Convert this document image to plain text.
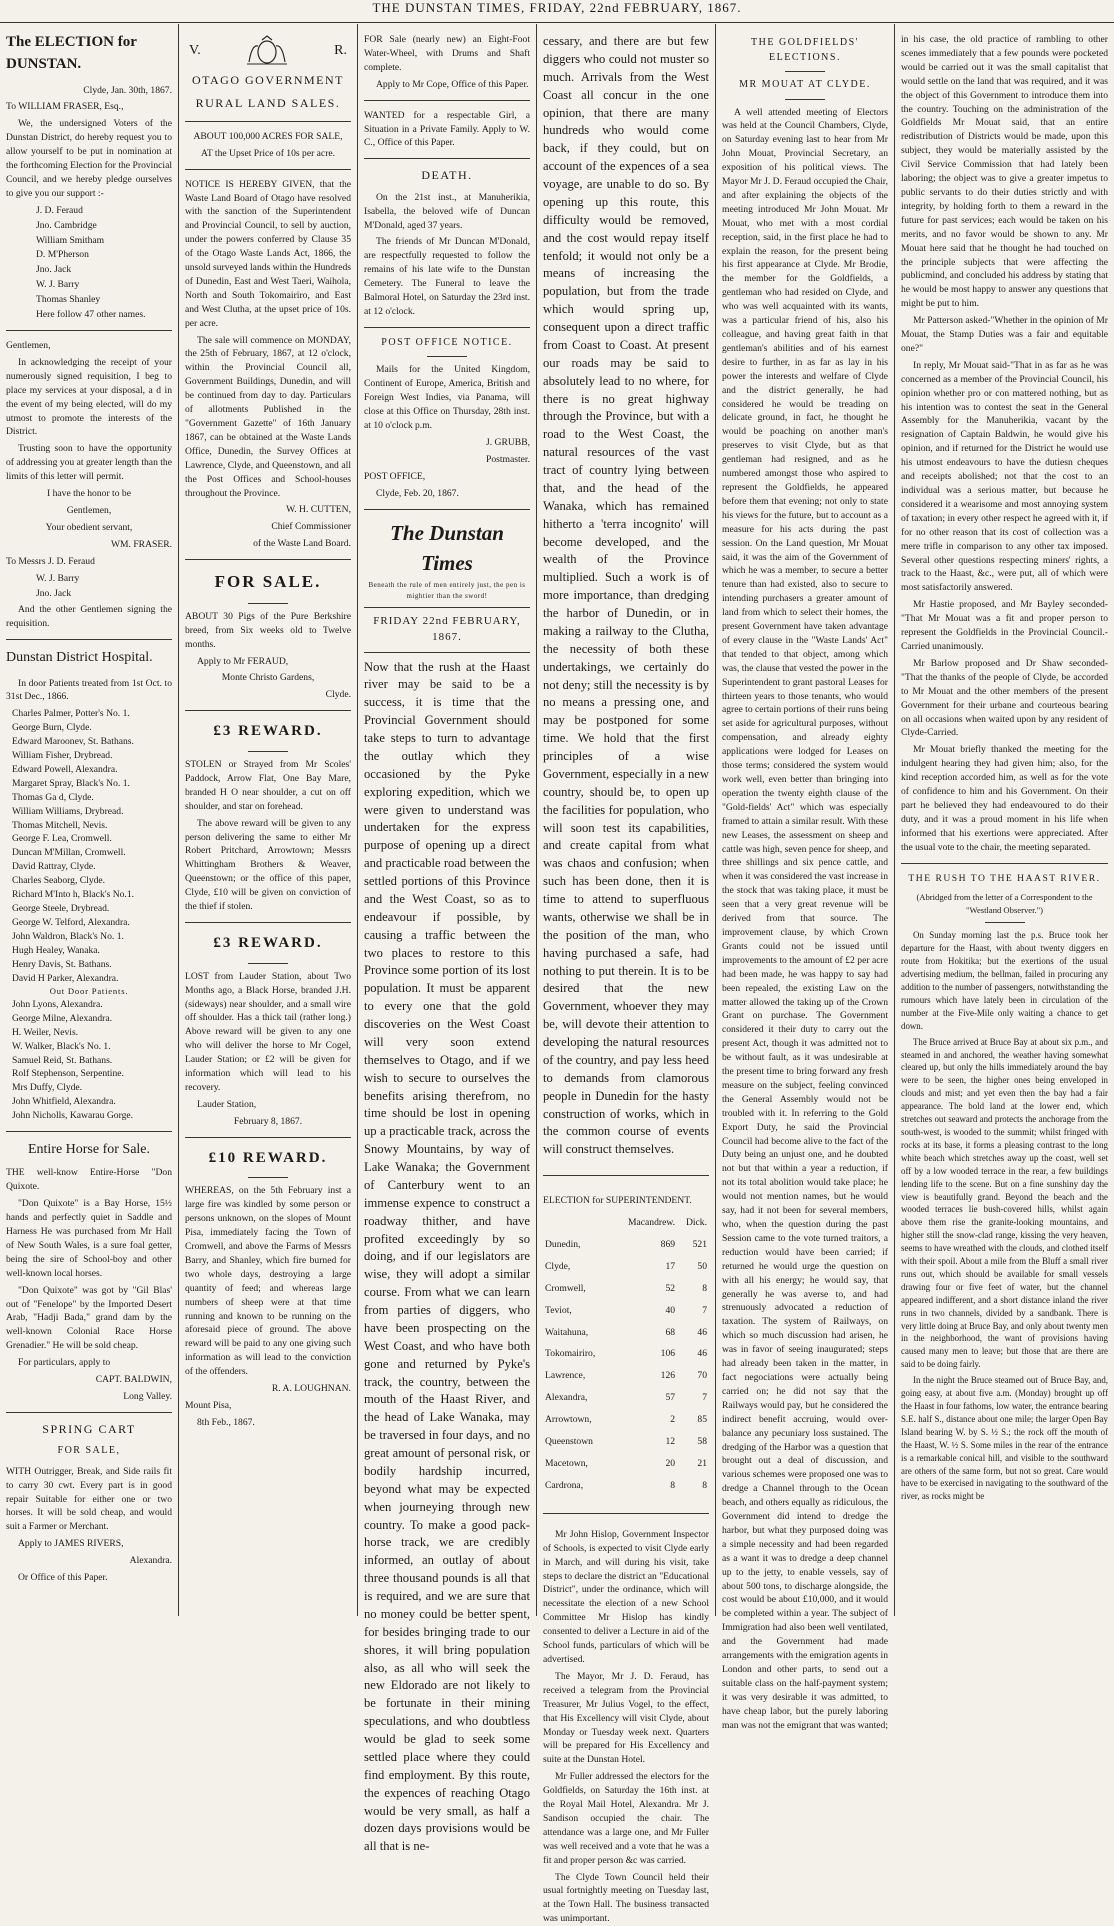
THE DUNSTAN TIMES, FRIDAY, 22nd FEBRUARY, 1867.
The ELECTION for DUNSTAN.
Clyde, Jan. 30th, 1867.
To WILLIAM FRASER, Esq.,
We, the undersigned Voters of the Dunstan District, do hereby request you to allow yourself to be put in nomination at the forthcoming Election for the Provincial Council, and we hereby pledge ourselves to give you our support :-
J. D. Feraud
Jno. Cambridge
William Smitham
D. M'Pherson
Jno. Jack
W. J. Barry
Thomas Shanley
Here follow 47 other names.
Gentlemen,
In acknowledging the receipt of your numerously signed requisition, I beg to place my services at your disposal, a d in the event of my being elected, will do my utmost to promote the interests of the District.
Trusting soon to have the opportunity of addressing you at greater length than the limits of this letter will permit.
I have the honor to be
Gentlemen,
Your obedient servant,
WM. FRASER.
To Messrs J. D. Feraud
W. J. Barry
Jno. Jack
And the other Gentlemen signing the requisition.
Dunstan District Hospital.
In door Patients treated from 1st Oct. to 31st Dec., 1866.
Charles Palmer, Potter's No. 1.
George Burn, Clyde.
Edward Maroonev, St. Bathans.
William Fisher, Drybread.
Edward Powell, Alexandra.
Margaret Spray, Black's No. 1.
Thomas Ga d, Clyde.
William Williams, Drybread.
Thomas Mitchell, Nevis.
George F. Lea, Cromwell.
Duncan M'Millan, Cromwell.
David Rattray, Clyde.
Charles Seaborg, Clyde.
Richard M'Into h, Black's No.1.
George Steele, Drybread.
George W. Telford, Alexandra.
John Waldron, Black's No. 1.
Hugh Healey, Wanaka.
Henry Davis, St. Bathans.
David H Parker, Alexandra.
Out Door Patients.
John Lyons, Alexandra.
George Milne, Alexandra.
H. Weiler, Nevis.
W. Walker, Black's No. 1.
Samuel Reid, St. Bathans.
Rolf Stephenson, Serpentine.
Mrs Duffy, Clyde.
John Whitfield, Alexandra.
John Nicholls, Kawarau Gorge.
Entire Horse for Sale.
THE well-know Entire-Horse "Don Quixote.
"Don Quixote" is a Bay Horse, 15½ hands and perfectly quiet in Saddle and Harness He was purchased from Mr Hall of New South Wales, is a sure foal getter, being the sire of School-boy and other well-known local horses.
"Don Quixote" was got by "Gil Blas' out of "Fenelope" by the Imported Desert Arab, "Hadji Bada," grand dam by the well-known Colonial Race Horse Grenadier." He will be sold cheap.
For particulars, apply to
CAPT. BALDWIN,
Long Valley.
SPRING CART
FOR SALE,
WITH Outrigger, Break, and Side rails fit to carry 30 cwt. Every part is in good repair Suitable for either one or two horses. It will be sold cheap, and would suit a Farmer or Merchant.
Apply to JAMES RIVERS,
Alexandra.
Or Office of this Paper.
V.	R.
OTAGO GOVERNMENT
RURAL LAND SALES.
ABOUT 100,000 ACRES FOR SALE,
AT the Upset Price of 10s per acre.
NOTICE IS HEREBY GIVEN, that the Waste Land Board of Otago have resolved with the sanction of the Superintendent and Provincial Council, to sell by auction, under the powers conferred by Clause 35 of the Otago Waste Lands Act, 1866, the unsold surveyed lands within the Hundreds of Dunedin, East and West Taeri, Waihola, North and South Tokomairiro, and East and West Clutha, at the upset price of 10s. per acre.
The sale will commence on MONDAY, the 25th of February, 1867, at 12 o'clock, within the Provincial Council all, Government Buildings, Dunedin, and will be continued from day to day. Particulars of allotments Published in the "Government Gazette" of 16th January 1867, can be obtained at the Waste Lands Office, Dunedin, the Survey Offices at Lawrence, Clyde, and Queenstown, and all the Post Offices and School-houses throughout the Province.
W. H. CUTTEN,
Chief Commissioner
of the Waste Land Board.
FOR SALE.
ABOUT 30 Pigs of the Pure Berkshire breed, from Six weeks old to Twelve months.
Apply to Mr FERAUD,
Monte Christo Gardens,
Clyde.
£3 REWARD.
STOLEN or Strayed from Mr Scoles' Paddock, Arrow Flat, One Bay Mare, branded H O near shoulder, a cut on off shoulder, and star on forehead.
The above reward will be given to any person delivering the same to either Mr Robert Pritchard, Arrowtown; Messrs Whittingham Brothers & Weaver, Queenstown; or the office of this paper, Clyde, £10 will be given on conviction of the thief if stolen.
£3 REWARD.
LOST from Lauder Station, about Two Months ago, a Black Horse, branded J.H. (sideways) near shoulder, and a small wire off shoulder. Has a thick tail (rather long.) Above reward will be given to any one who will deliver the horse to Mr Cogel, Lauder Station; or £2 will be given for information which will lead to his recovery.
Lauder Station,
February 8, 1867.
£10 REWARD.
WHEREAS, on the 5th February inst a large fire was kindled by some person or persons unknown, on the slopes of Mount Pisa, immediately facing the Town of Cromwell, and above the Farms of Messrs Barry, and Shanley, which fire burned for two whole days, destroying a large quantity of feed; and whereas large numbers of sheep were at that time running and known to be running on the aforesaid piece of ground. The above reward will be paid to any one giving such information as will lead to the conviction of the offenders.
R. A. LOUGHNAN.
Mount Pisa,
8th Feb., 1867.
FOR Sale (nearly new) an Eight-Foot Water-Wheel, with Drums and Shaft complete.
Apply to Mr Cope, Office of this Paper.
WANTED for a respectable Girl, a Situation in a Private Family. Apply to W. C., Office of this Paper.
DEATH.
On the 21st inst., at Manuherikia, Isabella, the beloved wife of Duncan M'Donald, aged 37 years.
The friends of Mr Duncan M'Donald, are respectfully requested to follow the remains of his late wife to the Dunstan Cemetery. The Funeral to leave the Balmoral Hotel, on Saturday the 23rd inst. at 12 o'clock.
POST OFFICE NOTICE.
Mails for the United Kingdom, Continent of Europe, America, British and Foreign West Indies, via Panama, will close at this Office on Thursday, 28th inst. at 10 o'clock p.m.
J. GRUBB,
Postmaster.
POST OFFICE,
Clyde, Feb. 20, 1867.
The Dunstan Times
Beneath the rule of men entirely just, the pen is mightier than the sword!
FRIDAY 22nd FEBRUARY, 1867.
Now that the rush at the Haast river may be said to be a success, it is time that the Provincial Government should take steps to turn to advantage the outlay which they occasioned by the Pyke exploring expedition, which we were given to understand was undertaken for the express purpose of opening up a direct and practicable road between the settled portions of this Province and the West Coast, so as to endeavour if possible, by causing a traffic between the two places to restore to this Province some portion of its lost population. It must be apparent to every one that the gold discoveries on the West Coast will very soon extend themselves to Otago, and if we wish to secure to ourselves the benefits arising therefrom, no time should be lost in opening up a practicable track, across the Snowy Mountains, by way of Lake Wanaka; the Government of Canterbury went to an immense expence to construct a roadway thither, and have profited exceedingly by so doing, and if our legislators are wise, they will adopt a similar course. From what we can learn from parties of diggers, who have been prospecting on the West Coast, and who have both gone and returned by Pyke's track, the country, between the mouth of the Haast River, and the head of Lake Wanaka, may be traversed in four days, and no great amount of personal risk, or bodily hardship incurred, beyond what may be expected when journeying through new country. To make a good pack-horse track, we are credibly informed, an outlay of about three thousand pounds is all that is required, and we are sure that no money could be better spent, for besides bringing trade to our shores, it will bring population also, as all who will seek the new Eldorado are not likely to be fortunate in their mining speculations, and who doubtless would be glad to seek some settled place where they could find employment. By this route, the expences of reaching Otago would be very small, as half a dozen days provisions would be all that is ne-
cessary, and there are but few diggers who could not muster so much. Arrivals from the West Coast all concur in the one opinion, that there are many hundreds who would come back, if they could, but on account of the expences of a sea voyage, are unable to do so. By opening up this route, this difficulty would be removed, and the cost would repay itself tenfold; it would not only be a means of increasing the population, but from the trade which would spring up, consequent upon a direct traffic from Coast to Coast. At present our roads may be said to absolutely lead to no where, for there is no great highway through the Province, but with a road to the West Coast, the natural resources of the vast tract of country lying between that, and the head of the Wanaka, which has remained hitherto a 'terra incognito' will become developed, and the wealth of the Province multiplied. Such a work is of more importance, than dredging the harbor of Dunedin, or in making a railway to the Clutha, the necessity of both these undertakings, we certainly do not deny; still the necessity is by no means a pressing one, and may be postponed for some time. We hold that the first principles of a wise Government, especially in a new country, should be, to open up the facilities for population, who will soon test its capabilities, and create capital from what was chaos and confusion; when such has been done, then it is time to attend to superfluous wants, otherwise we shall be in the position of the man, who having purchased a safe, had nothing to put therein. It is to be desired that the new Government, whoever they may be, will devote their attention to developing the natural resources of the country, and pay less heed to demands from clamorous people in Dunedin for the hasty construction of works, which in the common course of events will construct themselves.
ELECTION for SUPERINTENDENT.
	Macandrew.	Dick.
Dunedin,	869	521
Clyde,	17	50
Cromwell,	52	8
Teviot,	40	7
Waitahuna,	68	46
Tokomairiro,	106	46
Lawrence,	126	70
Alexandra,	57	7
Arrowtown,	2	85
Queenstown	12	58
Macetown,	20	21
Cardrona,	8	8
Mr John Hislop, Government Inspector of Schools, is expected to visit Clyde early in March, and will during his visit, take steps to declare the district an "Educational District", under the ordinance, which will necessitate the election of a new School Committee Mr Hislop has kindly consented to deliver a Lecture in aid of the School funds, particulars of which will be advertised.
The Mayor, Mr J. D. Feraud, has received a telegram from the Provincial Treasurer, Mr Julius Vogel, to the effect, that His Excellency will visit Clyde, about Monday or Tuesday week next. Quarters will be prepared for His Excellency and suite at the Dunstan Hotel.
Mr Fuller addressed the electors for the Goldfields, on Saturday the 16th inst. at the Royal Mail Hotel, Alexandra. Mr J. Sandison occupied the chair. The attendance was a large one, and Mr Fuller was well received and a vote that he was a fit and proper person &c was carried.
The Clyde Town Council held their usual fortnightly meeting on Tuesday last, at the Town Hall. The business transacted was unimportant.
THE GOLDFIELDS' ELECTIONS.
MR MOUAT AT CLYDE.
A well attended meeting of Electors was held at the Council Chambers, Clyde, on Saturday evening last to hear from Mr John Mouat, Provincial Secretary, an exposition of his political views. The Mayor Mr J. D. Feraud occupied the Chair, and after explaining the objects of the meeting introduced Mr John Mouat. Mr Mouat, who met with a most cordial reception, said, in the first place he had to explain the reason, for the present being his first appearance at Clyde. Mr Brodie, the member for the Goldfields, a gentleman who had resided on Clyde, and who was well acquainted with its wants, was a particular friend of his, also his colleague, and having great faith in that gentleman's abilities and of his earnest desire to further, in as far as lay in his power the interests and welfare of Clyde and the district generally, he had considered he would be treading on delicate ground, in fact, he thought he would be poaching on another man's preserves to visit Clyde, but as that gentleman had resigned, and as he numbered amongst those who aspired to represent the Goldfields, he appeared before them that evening; not only to state his views for the future, but to account as a measure for his acts during the past session. On the Land question, Mr Mouat said, it was the aim of the Government of which he was a member, to secure a better tenure than had existed, also to secure to intending purchasers a greater amount of land from which to select their homes, the present Government have taken advantage of every clause in the "Waste Lands' Act" that tended to that object, among which was, the clause that vested the power in the Superintendent to grant pastoral Leases for thirteen years to those tenants, who would agree to certain portions of their runs being set aside for agricultural purposes, without compensation, and already eighty applications were lodged for Leases on those terms; considered the system would work well, even better than bringing into operation the twenty eighth clause of the "Gold-fields' Act" which was especially framed to attain a similar result. With these new Leases, the assessment on sheep and cattle was high, seven pence for sheep, and three shillings and six pence cattle, and when it was considered the vast increase in the stock that was taking place, it must be seen that a very great revenue will be derived from that source. The improvement clause, by which Crown Grants could not be issued until improvements to the amount of £2 per acre had been made, he was happy to say had been repealed, the existing Law on the matter allowed the taking up of the Crown Grant on purchase. The Government considered it their duty to carry out the present Act, though it was admitted not to be without fault, as it was undesirable at the present time to bring forward any fresh measure on the subject, feeling convinced the General Assembly would not be troubled with it. In referring to the Gold Export Duty, he said the Provincial Council had become alive to the fact of the Duty being an unjust one, and he doubted not but that within a year a reduction, if not its total abolition would take place; he would not mention names, but he would say, had it not been for several members, who, when the question during the past Session came to the vote turned traitors, a reduction would have been carried; if returned he would urge the question on with all his energy; he would say, that generally he was averse to, and had strenuously advocated a reduction of taxation. The system of Railways, on which so much discussion had arisen, he was in favor of seeing inaugurated; steps had already been taken in the matter, in fact negociations were actually being carried on; he did not say that the Railways would pay, but he considered the indirect benefit accruing, would over-balance any pecuniary loss sustained. The dredging of the Harbor was a question that brought out a deal of discussion, and various schemes were proposed one was to dredge a Channel through to the Ocean beach, and others equally as ridiculous, the Government did intend to dredge the harbor, but what they purposed doing was a simple necessity and had been regarded as a want it was to dredge a deep channel up to the jetty, to enable vessels, say of about 500 tons, to discharge alongside, the cost would be about £10,000, and it would be completed within a year. The subject of Immigration had also been well ventilated, and the Government had made arrangements with the emigration agents in London and other parts, to send out a suitable class on the half-payment system; it was very desirable it was admitted, to have cheap labor, but the purely laboring man was not the emigrant that was wanted;
in his case, the old practice of rambling to other scenes immediately that a few pounds were pocketed would be carried out it was the small capitalist that would settle on the land that was required, and it was the object of this Government to introduce them into the country. Touching on the administration of the Goldfields Mr Mouat said, that an entire redistribution of Districts would be made, upon this subject, they would be materially assisted by the Civil Service Commission that had lately been laboring; the object was to give a greater impetus to public servants to do their duties strictly and with integrity, by holding forth to them a reward in the future for past services; each would be taken on his merits, and no favor would be shown to any. Mr Mouat here said that he thought he had touched on the principle subjects that were affecting the publicmind, and concluded his address by stating that he would be most happy to answer any questions that might be put to him.
Mr Patterson asked-"Whether in the opinion of Mr Mouat, the Stamp Duties was a fair and equitable one?"
In reply, Mr Mouat said-"That in as far as he was concerned as a member of the Provincial Council, his opinion whether pro or con mattered nothing, but as his intention was to contest the seat in the General Assembly for the Manuherikia, vacant by the resignation of Captain Baldwin, he would give his opinion, and if returned for the District he would use his utmost endeavours to have the dutiesn cheques and receipts abolished; not that the cost to an individual was a serious matter, but because he considered it a wearisome and most annoying system of taxation; in every other respect he agreed with it, if for no other reason that its cost of collection was a mere trifle in comparison to any other tax imposed. Several other questions respecting miners' rights, a track to the Haast, &c., were put, all of which were most satisfactorily answered.
Mr Hastie proposed, and Mr Bayley seconded-"That Mr Mouat was a fit and proper person to represent the Goldfields in the Provincial Council.-Carried unanimously.
Mr Barlow proposed and Dr Shaw seconded-"That the thanks of the people of Clyde, be accorded to Mr Mouat and the other members of the present Government for their urbane and courteous bearing on all occasions when waited upon by any resident of Clyde-Carried.
Mr Mouat briefly thanked the meeting for the indulgent hearing they had given him; also, for the kind reception accorded him, as well as for the vote of confidence to him and his Government. On their part he believed they had endeavoured to do their duty, and it was a proud moment in his life when informed that his exertions were appreciated. After the usual vote to the chair, the meeting separated.
THE RUSH TO THE HAAST RIVER.
(Abridged from the letter of a Correspondent to the "Westland Observer.")
On Sunday morning last the p.s. Bruce took her departure for the Haast, with about twenty diggers en route from Hokitika; but the exertions of the usual advertising medium, the bellman, failed in procuring any addition to the number of passengers, notwithstanding the rumours which have lately been in circulation of the number at the Five-Mile only waiting a chance to get down.
The Bruce arrived at Bruce Bay at about six p.m., and steamed in and anchored, the weather having somewhat cleared up, but only the hills immediately around the bay were to be seen, the higher ones being enveloped in clouds and mist; and yet even then the bay had a fair appearance. The bold land at the lower end, which stretches out seaward and protects the anchorage from the south-west, is wooded to the summit; whilst fringed with rocks at its base, it forms a pleasing contrast to the long white beach which stretches away up the coast, well set off by a low wooded terrace in the rear, a few buildings lending life to the scene. But on a fine sunshiny day the view is beautifully grand. Beyond the beach and the wooded terraces lie bush-covered hills, whilst again above them rise the granite-looking mountains, and higher still the snow-clad range, kissing the very heaven, seems to have wreathed with the clouds, and clothed itself with their spoil. About a mile from the Bluff a small river runs out, which should be available for small vessels drawing four or five feet of water, but the channel appeared indifferent, and a short distance inland the river runs in two channels, divided by a sandbank. There is very little doing at Bruce Bay, and only about twenty men in the neighborhood, the want of provisions having caused many men to leave; but those that are there are said to be doing fairly.
In the night the Bruce steamed out of Bruce Bay, and, going easy, at about five a.m. (Monday) brought up off the Haast in four fathoms, low water, the entrance bearing S.E. half S., distance about one mile; the larger Open Bay Island bearing W. by S. ½ S.; the rock off the mouth of the Haast, W. ½ S. Some miles in the rear of the entrance is a remarkable conical hill, and visible to the southward are others of the same form, but not so great. Care would have to be exercised in navigating to the southward of the river, as rocks might be
